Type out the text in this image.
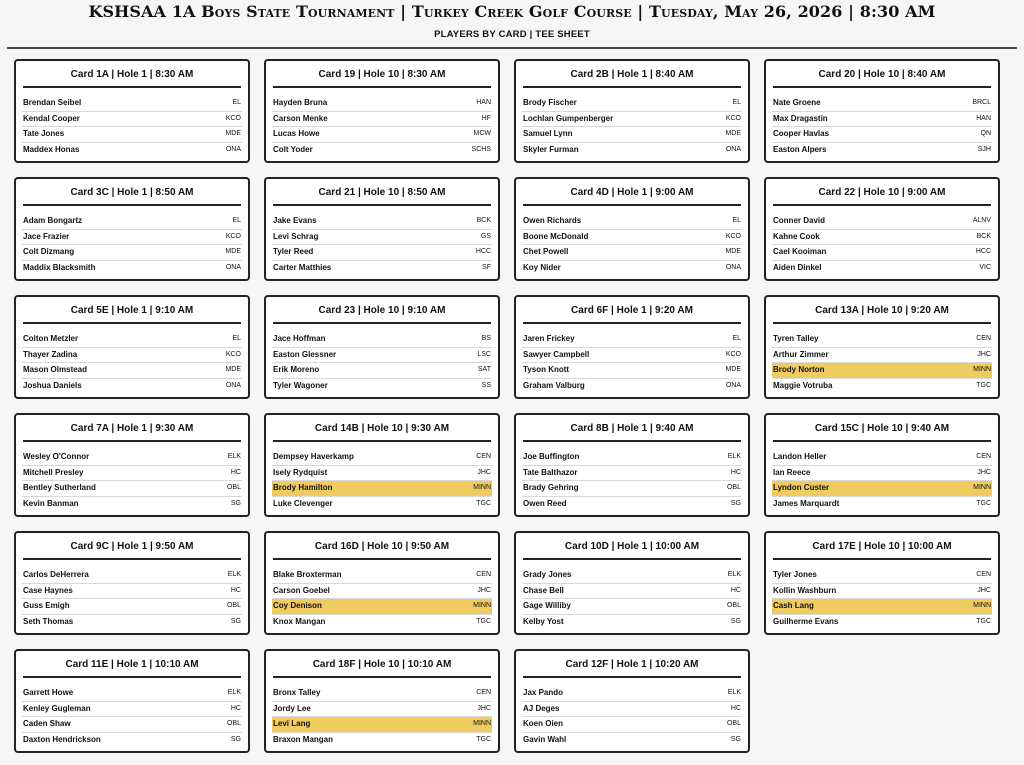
KSHSAA 1A Boys State Tournament | Turkey Creek Golf Course | Tuesday, May 26, 2026 | 8:30 AM
PLAYERS BY CARD | TEE SHEET
Card 1A | Hole 1 | 8:30 AM
Brendan Seibel	EL
Kendal Cooper	KCO
Tate Jones	MDE
Maddex Honas	ONA
Card 19 | Hole 10 | 8:30 AM
Hayden Bruna	HAN
Carson Menke	HF
Lucas Howe	MCW
Colt Yoder	SCHS
Card 2B | Hole 1 | 8:40 AM
Brody Fischer	EL
Lochlan Gumpenberger	KCO
Samuel Lynn	MDE
Skyler Furman	ONA
Card 20 | Hole 10 | 8:40 AM
Nate Groene	BRCL
Max Dragastin	HAN
Cooper Havlas	QN
Easton Alpers	SJH
Card 3C | Hole 1 | 8:50 AM
Adam Bongartz	EL
Jace Frazier	KCO
Colt Dizmang	MDE
Maddix Blacksmith	ONA
Card 21 | Hole 10 | 8:50 AM
Jake Evans	BCK
Levi Schrag	GS
Tyler Reed	HCC
Carter Matthies	SF
Card 4D | Hole 1 | 9:00 AM
Owen Richards	EL
Boone McDonald	KCO
Chet Powell	MDE
Koy Nider	ONA
Card 22 | Hole 10 | 9:00 AM
Conner David	ALNV
Kahne Cook	BCK
Cael Kooiman	HCC
Aiden Dinkel	VIC
Card 5E | Hole 1 | 9:10 AM
Colton Metzler	EL
Thayer Zadina	KCO
Mason Olmstead	MDE
Joshua Daniels	ONA
Card 23 | Hole 10 | 9:10 AM
Jace Hoffman	BS
Easton Glessner	LSC
Erik Moreno	SAT
Tyler Wagoner	SS
Card 6F | Hole 1 | 9:20 AM
Jaren Frickey	EL
Sawyer Campbell	KCO
Tyson Knott	MDE
Graham Valburg	ONA
Card 13A | Hole 10 | 9:20 AM
Tyren Talley	CEN
Arthur Zimmer	JHC
Brody Norton	MINN
Maggie Votruba	TGC
Card 7A | Hole 1 | 9:30 AM
Wesley O'Connor	ELK
Mitchell Presley	HC
Bentley Sutherland	OBL
Kevin Banman	SG
Card 14B | Hole 10 | 9:30 AM
Dempsey Haverkamp	CEN
Isely Rydquist	JHC
Brody Hamilton	MINN
Luke Clevenger	TGC
Card 8B | Hole 1 | 9:40 AM
Joe Buffington	ELK
Tate Balthazor	HC
Brady Gehring	OBL
Owen Reed	SG
Card 15C | Hole 10 | 9:40 AM
Landon Heller	CEN
Ian Reece	JHC
Lyndon Custer	MINN
James Marquardt	TGC
Card 9C | Hole 1 | 9:50 AM
Carlos DeHerrera	ELK
Case Haynes	HC
Guss Emigh	OBL
Seth Thomas	SG
Card 16D | Hole 10 | 9:50 AM
Blake Broxterman	CEN
Carson Goebel	JHC
Coy Denison	MINN
Knox Mangan	TGC
Card 10D | Hole 1 | 10:00 AM
Grady Jones	ELK
Chase Bell	HC
Gage Williby	OBL
Kelby Yost	SG
Card 17E | Hole 10 | 10:00 AM
Tyler Jones	CEN
Kollin Washburn	JHC
Cash Lang	MINN
Guilherme Evans	TGC
Card 11E | Hole 1 | 10:10 AM
Garrett Howe	ELK
Kenley Gugleman	HC
Caden Shaw	OBL
Daxton Hendrickson	SG
Card 18F | Hole 10 | 10:10 AM
Bronx Talley	CEN
Jordy Lee	JHC
Levi Lang	MINN
Braxon Mangan	TGC
Card 12F | Hole 1 | 10:20 AM
Jax Pando	ELK
AJ Deges	HC
Koen Oien	OBL
Gavin Wahl	SG
